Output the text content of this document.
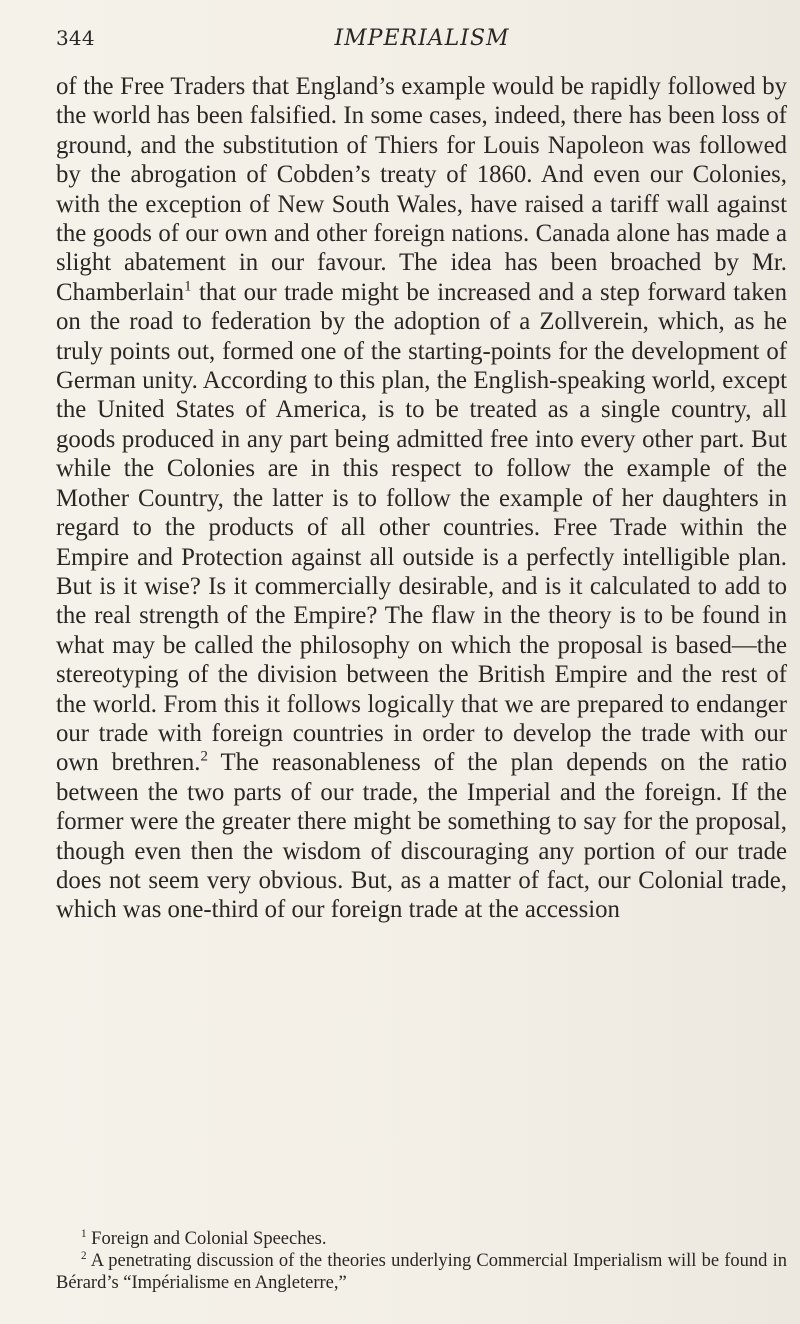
344	IMPERIALISM

of the Free Traders that England’s example would be rapidly followed by the world has been falsified. In some cases, indeed, there has been loss of ground, and the substitution of Thiers for Louis Napoleon was followed by the abrogation of Cobden’s treaty of 1860. And even our Colonies, with the exception of New South Wales, have raised a tariff wall against the goods of our own and other foreign nations. Canada alone has made a slight abatement in our favour. The idea has been broached by Mr. Chamberlain$^1$ that our trade might be increased and a step forward taken on the road to federation by the adoption of a Zollverein, which, as he truly points out, formed one of the starting-points for the development of German unity. According to this plan, the English-speaking world, except the United States of America, is to be treated as a single country, all goods produced in any part being admitted free into every other part. But while the Colonies are in this respect to follow the example of the Mother Country, the latter is to follow the example of her daughters in regard to the products of all other countries. Free Trade within the Empire and Protection against all outside is a perfectly intelligible plan. But is it wise? Is it commercially desirable, and is it calculated to add to the real strength of the Empire? The flaw in the theory is to be found in what may be called the philosophy on which the proposal is based—the stereotyping of the division between the British Empire and the rest of the world. From this it follows logically that we are prepared to endanger our trade with foreign countries in order to develop the trade with our own brethren.$^2$ The reasonableness of the plan depends on the ratio between the two parts of our trade, the Imperial and the foreign. If the former were the greater there might be something to say for the proposal, though even then the wisdom of discouraging any portion of our trade does not seem very obvious. But, as a matter of fact, our Colonial trade, which was one-third of our foreign trade at the accession

$^1$ Foreign and Colonial Speeches.

$^2$ A penetrating discussion of the theories underlying Commercial Imperialism will be found in Bérard’s “Impérialisme en Angleterre,”
